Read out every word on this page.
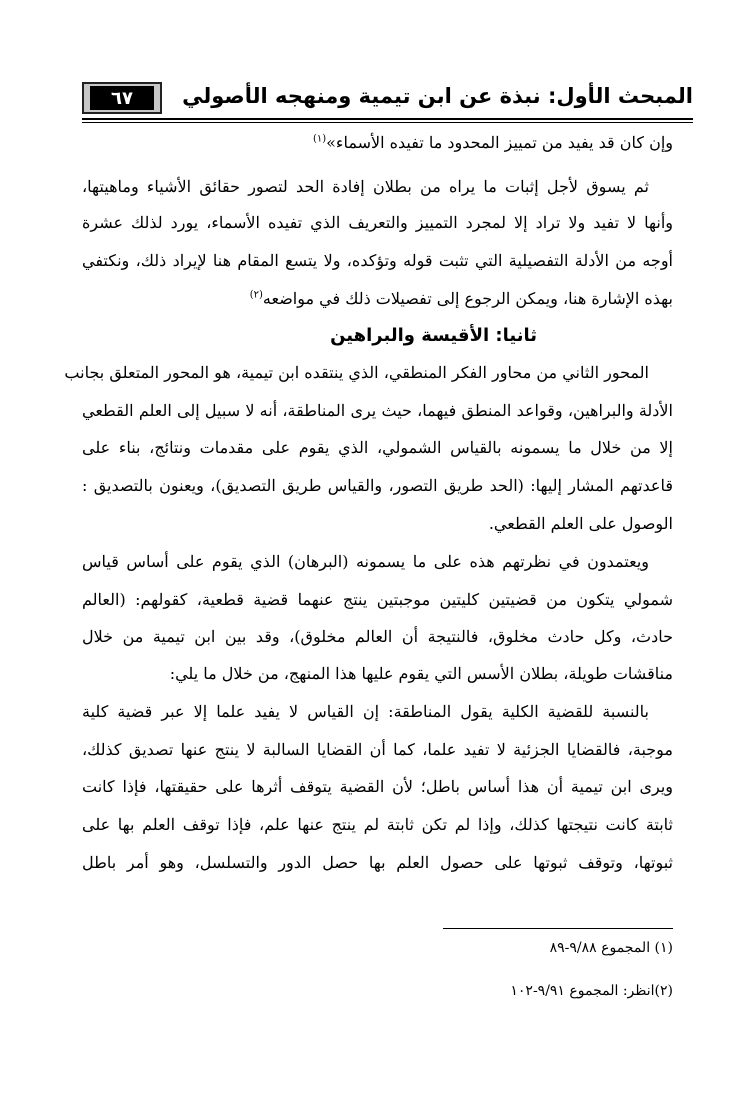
المبحث الأول: نبذة عن ابن تيمية ومنهجه الأصولي
٦٧
وإن كان قد يفيد من تمييز المحدود ما تفيده الأسماء»$^{(١)}$
ثم يسوق لأجل إثبات ما يراه من بطلان إفادة الحد لتصور حقائق الأشياء وماهيتها،
وأنها لا تفيد ولا تراد إلا لمجرد التمييز والتعريف الذي تفيده الأسماء، يورد لذلك عشرة
أوجه من الأدلة التفصيلية التي تثبت قوله وتؤكده، ولا يتسع المقام هنا لإيراد ذلك، ونكتفي
بهذه الإشارة هنا، ويمكن الرجوع إلى تفصيلات ذلك في مواضعه$^{(٢)}$
ثانيا: الأقيسة والبراهين
المحور الثاني من محاور الفكر المنطقي، الذي ينتقده ابن تيمية، هو المحور المتعلق بجانب
الأدلة والبراهين، وقواعد المنطق فيهما، حيث يرى المناطقة، أنه لا سبيل إلى العلم القطعي
إلا من خلال ما يسمونه بالقياس الشمولي، الذي يقوم على مقدمات ونتائج، بناء على
قاعدتهم المشار إليها: (الحد طريق التصور، والقياس طريق التصديق)، ويعنون بالتصديق :
الوصول على العلم القطعي.
ويعتمدون في نظرتهم هذه على ما يسمونه (البرهان) الذي يقوم على أساس قياس
شمولي يتكون من قضيتين كليتين موجبتين ينتج عنهما قضية قطعية، كقولهم: (العالم
حادث، وكل حادث مخلوق، فالنتيجة أن العالم مخلوق)، وقد بين ابن تيمية من خلال
مناقشات طويلة، بطلان الأسس التي يقوم عليها هذا المنهج، من خلال ما يلي:
بالنسبة للقضية الكلية يقول المناطقة: إن القياس لا يفيد علما إلا عبر قضية كلية
موجبة، فالقضايا الجزئية لا تفيد علما، كما أن القضايا السالبة لا ينتج عنها تصديق كذلك،
ويرى ابن تيمية أن هذا أساس باطل؛ لأن القضية يتوقف أثرها على حقيقتها، فإذا كانت
ثابتة كانت نتيجتها كذلك، وإذا لم تكن ثابتة لم ينتج عنها علم، فإذا توقف العلم بها على
ثبوتها، وتوقف ثبوتها على حصول العلم بها حصل الدور والتسلسل، وهو أمر باطل
(١) المجموع ٩/٨٨-٨٩
(٢)انظر: المجموع ٩/٩١-١٠٢
